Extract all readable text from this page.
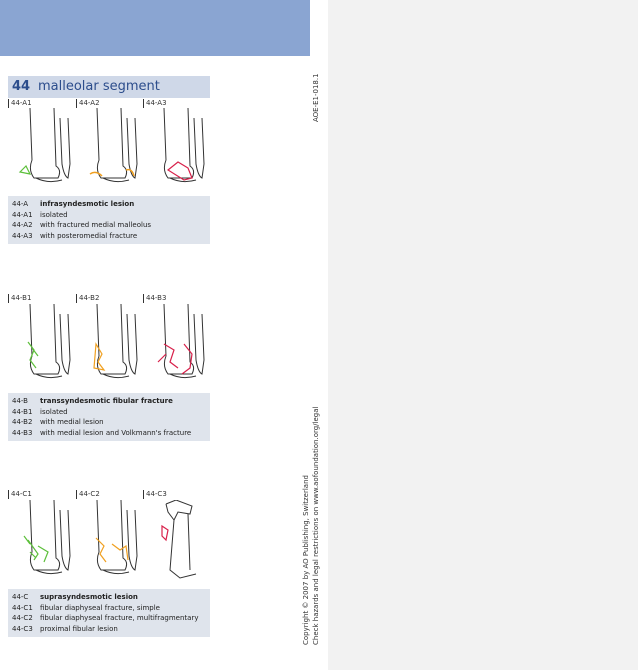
44 malleolar segment
44-A1	44-A2	44-A3
44-A infrasyndesmotic lesion
44-A1 isolated
44-A2 with fractured medial malleolus
44-A3 with posteromedial fracture
44-B1	44-B2	44-B3
44-B transsyndesmotic fibular fracture
44-B1 isolated
44-B2 with medial lesion
44-B3 with medial lesion and Volkmann's fracture
44-C1	44-C2	44-C3
44-C suprasyndesmotic lesion
44-C1 fibular diaphyseal fracture, simple
44-C2 fibular diaphyseal fracture, multifragmentary
44-C3 proximal fibular lesion
AOE-E1-018.1
Copyright © 2007 by AO Publishing, Switzerland Check hazards and legal restrictions on www.aofoundation.org/legal
